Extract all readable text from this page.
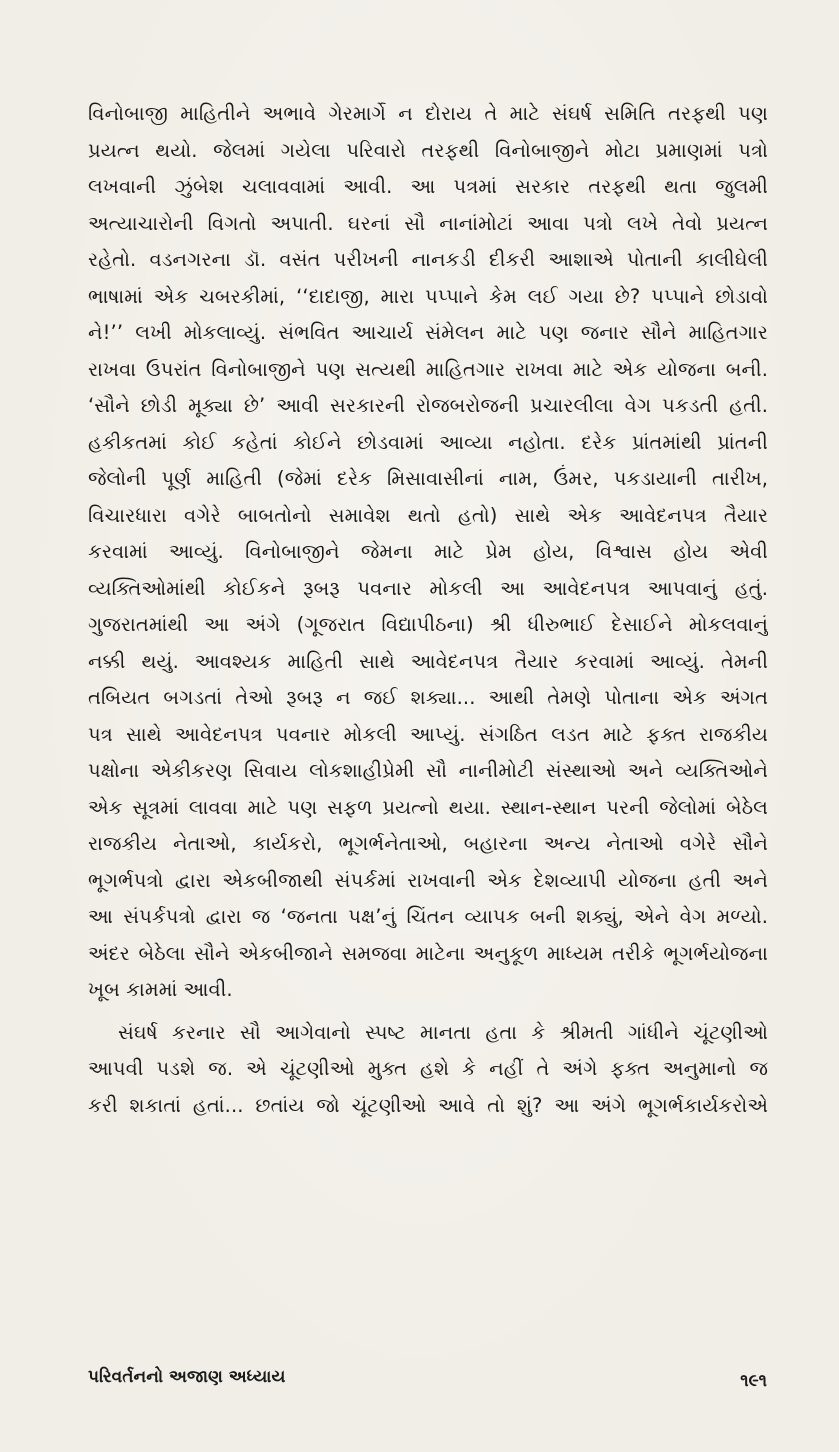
વિનોબાજી માહિતીને અભાવે ગેરમાર્ગે ન દોરાય તે માટે સંઘર્ષ સમિતિ તરફથી પણ
પ્રયત્ન થયો. જેલમાં ગયેલા પરિવારો તરફથી વિનોબાજીને મોટા પ્રમાણમાં પત્રો
લખવાની ઝુંબેશ ચલાવવામાં આવી. આ પત્રમાં સરકાર તરફથી થતા જુલમી
અત્યાચારોની વિગતો અપાતી. ઘરનાં સૌ નાનાંમોટાં આવા પત્રો લખે તેવો પ્રયત્ન
રહેતો. વડનગરના ડૉ. વસંત પરીખની નાનકડી દીકરી આશાએ પોતાની કાલીઘેલી
ભાષામાં એક ચબરકીમાં, ‘‘દાદાજી, મારા પપ્પાને કેમ લઈ ગયા છે? પપ્પાને છોડાવો
ને!’’ લખી મોકલાવ્યું. સંભવિત આચાર્ય સંમેલન માટે પણ જનાર સૌને માહિતગાર
રાખવા ઉપરાંત વિનોબાજીને પણ સત્યથી માહિતગાર રાખવા માટે એક યોજના બની.
‘સૌને છોડી મૂક્યા છે’ આવી સરકારની રોજબરોજની પ્રચારલીલા વેગ પકડતી હતી.
હકીકતમાં કોઈ કહેતાં કોઈને છોડવામાં આવ્યા નહોતા. દરેક પ્રાંતમાંથી પ્રાંતની
જેલોની પૂર્ણ માહિતી (જેમાં દરેક મિસાવાસીનાં નામ, ઉંમર, પકડાયાની તારીખ,
વિચારધારા વગેરે બાબતોનો સમાવેશ થતો હતો) સાથે એક આવેદનપત્ર તૈયાર
કરવામાં આવ્યું. વિનોબાજીને જેમના માટે પ્રેમ હોય, વિશ્વાસ હોય એવી
વ્યક્તિઓમાંથી કોઈકને રૂબરૂ પવનાર મોકલી આ આવેદનપત્ર આપવાનું હતું.
ગુજરાતમાંથી આ અંગે (ગૂજરાત વિદ્યાપીઠના) શ્રી ધીરુભાઈ દેસાઈને મોકલવાનું
નક્કી થયું. આવશ્યક માહિતી સાથે આવેદનપત્ર તૈયાર કરવામાં આવ્યું. તેમની
તબિયત બગડતાં તેઓ રૂબરૂ ન જઈ શક્યા... આથી તેમણે પોતાના એક અંગત
પત્ર સાથે આવેદનપત્ર પવનાર મોકલી આપ્યું. સંગઠિત લડત માટે ફક્ત રાજકીય
પક્ષોના એકીકરણ સિવાય લોકશાહીપ્રેમી સૌ નાનીમોટી સંસ્થાઓ અને વ્યક્તિઓને
એક સૂત્રમાં લાવવા માટે પણ સફળ પ્રયત્નો થયા. સ્થાન-સ્થાન પરની જેલોમાં બેઠેલ
રાજકીય નેતાઓ, કાર્યકરો, ભૂગર્ભનેતાઓ, બહારના અન્ય નેતાઓ વગેરે સૌને
ભૂગર્ભપત્રો દ્વારા એકબીજાથી સંપર્કમાં રાખવાની એક દેશવ્યાપી યોજના હતી અને
આ સંપર્કપત્રો દ્વારા જ ‘જનતા પક્ષ’નું ચિંતન વ્યાપક બની શક્યું, એને વેગ મળ્યો.
અંદર બેઠેલા સૌને એકબીજાને સમજવા માટેના અનુકૂળ માધ્યમ તરીકે ભૂગર્ભયોજના
ખૂબ કામમાં આવી.
સંઘર્ષ કરનાર સૌ આગેવાનો સ્પષ્ટ માનતા હતા કે શ્રીમતી ગાંધીને ચૂંટણીઓ
આપવી પડશે જ. એ ચૂંટણીઓ મુક્ત હશે કે નહીં તે અંગે ફક્ત અનુમાનો જ
કરી શકાતાં હતાં... છતાંય જો ચૂંટણીઓ આવે તો શું? આ અંગે ભૂગર્ભકાર્યકરોએ
પરિવર્તનનો અજાણ અધ્યાય	૧૯૧
